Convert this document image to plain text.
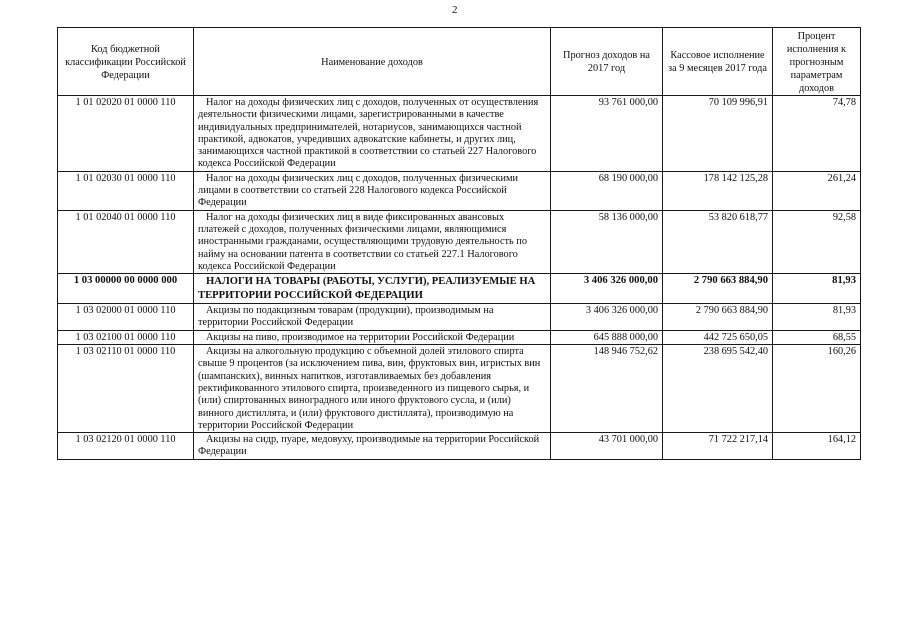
2
Код бюджетной классификации Российской Федерации	Наименование доходов	Прогноз доходов на 2017 год	Кассовое исполнение за 9 месяцев 2017 года	Процент исполнения к прогнозным параметрам доходов
1 01 02020 01 0000 110	Налог на доходы физических лиц с доходов, полученных от осуществления деятельности физическими лицами, зарегистрированными в качестве индивидуальных предпринимателей, нотариусов, занимающихся частной практикой, адвокатов, учредивших адвокатские кабинеты, и других лиц, занимающихся частной практикой в соответствии со статьей 227 Налогового кодекса Российской Федерации	93 761 000,00	70 109 996,91	74,78
1 01 02030 01 0000 110	Налог на доходы физических лиц с доходов, полученных физическими лицами в соответствии со статьей 228 Налогового кодекса Российской Федерации	68 190 000,00	178 142 125,28	261,24
1 01 02040 01 0000 110	Налог на доходы физических лиц в виде фиксированных авансовых платежей с доходов, полученных физическими лицами, являющимися иностранными гражданами, осуществляющими трудовую деятельность по найму на основании патента в соответствии со статьей 227.1 Налогового кодекса Российской Федерации	58 136 000,00	53 820 618,77	92,58
1 03 00000 00 0000 000	НАЛОГИ НА ТОВАРЫ (РАБОТЫ, УСЛУГИ), РЕАЛИЗУЕМЫЕ НА ТЕРРИТОРИИ РОССИЙСКОЙ ФЕДЕРАЦИИ	3 406 326 000,00	2 790 663 884,90	81,93
1 03 02000 01 0000 110	Акцизы по подакцизным товарам (продукции), производимым на территории Российской Федерации	3 406 326 000,00	2 790 663 884,90	81,93
1 03 02100 01 0000 110	Акцизы на пиво, производимое на территории Российской Федерации	645 888 000,00	442 725 650,05	68,55
1 03 02110 01 0000 110	Акцизы на алкогольную продукцию с объемной долей этилового спирта свыше 9 процентов (за исключением пива, вин, фруктовых вин, игристых вин (шампанских), винных напитков, изготавливаемых без добавления ректификованного этилового спирта, произведенного из пищевого сырья, и (или) спиртованных виноградного или иного фруктового сусла, и (или) винного дистиллята, и (или) фруктового дистиллята), производимую на территории Российской Федерации	148 946 752,62	238 695 542,40	160,26
1 03 02120 01 0000 110	Акцизы на сидр, пуаре, медовуху, производимые на территории Российской Федерации	43 701 000,00	71 722 217,14	164,12
